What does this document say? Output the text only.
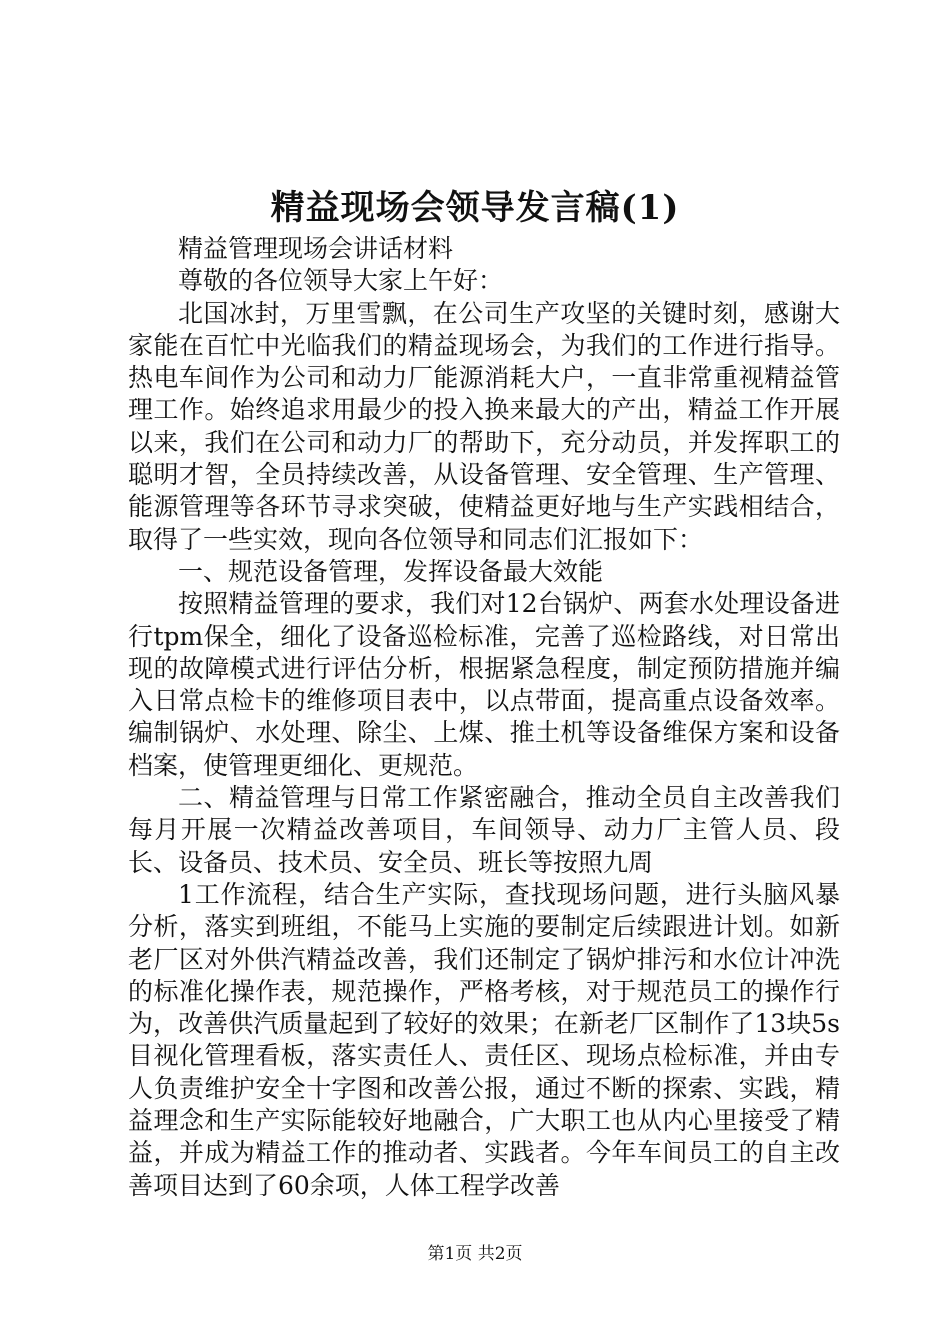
精益现场会领导发言稿(1)

精益管理现场会讲话材料

尊敬的各位领导大家上午好：

北国冰封，万里雪飘，在公司生产攻坚的关键时刻，感谢大家能在百忙中光临我们的精益现场会，为我们的工作进行指导。热电车间作为公司和动力厂能源消耗大户，一直非常重视精益管理工作。始终追求用最少的投入换来最大的产出，精益工作开展以来，我们在公司和动力厂的帮助下，充分动员，并发挥职工的聪明才智，全员持续改善，从设备管理、安全管理、生产管理、能源管理等各环节寻求突破，使精益更好地与生产实践相结合，取得了一些实效，现向各位领导和同志们汇报如下：

一、规范设备管理，发挥设备最大效能

按照精益管理的要求，我们对12台锅炉、两套水处理设备进行tpm保全，细化了设备巡检标准，完善了巡检路线，对日常出现的故障模式进行评估分析，根据紧急程度，制定预防措施并编入日常点检卡的维修项目表中，以点带面，提高重点设备效率。编制锅炉、水处理、除尘、上煤、推土机等设备维保方案和设备档案，使管理更细化、更规范。

二、精益管理与日常工作紧密融合，推动全员自主改善我们每月开展一次精益改善项目，车间领导、动力厂主管人员、段长、设备员、技术员、安全员、班长等按照九周

1工作流程，结合生产实际，查找现场问题，进行头脑风暴分析，落实到班组，不能马上实施的要制定后续跟进计划。如新老厂区对外供汽精益改善，我们还制定了锅炉排污和水位计冲洗的标准化操作表，规范操作，严格考核，对于规范员工的操作行为，改善供汽质量起到了较好的效果；在新老厂区制作了13块5s目视化管理看板，落实责任人、责任区、现场点检标准，并由专人负责维护安全十字图和改善公报，通过不断的探索、实践，精益理念和生产实际能较好地融合，广大职工也从内心里接受了精益，并成为精益工作的推动者、实践者。今年车间员工的自主改善项目达到了60余项，人体工程学改善

第1页 共2页
